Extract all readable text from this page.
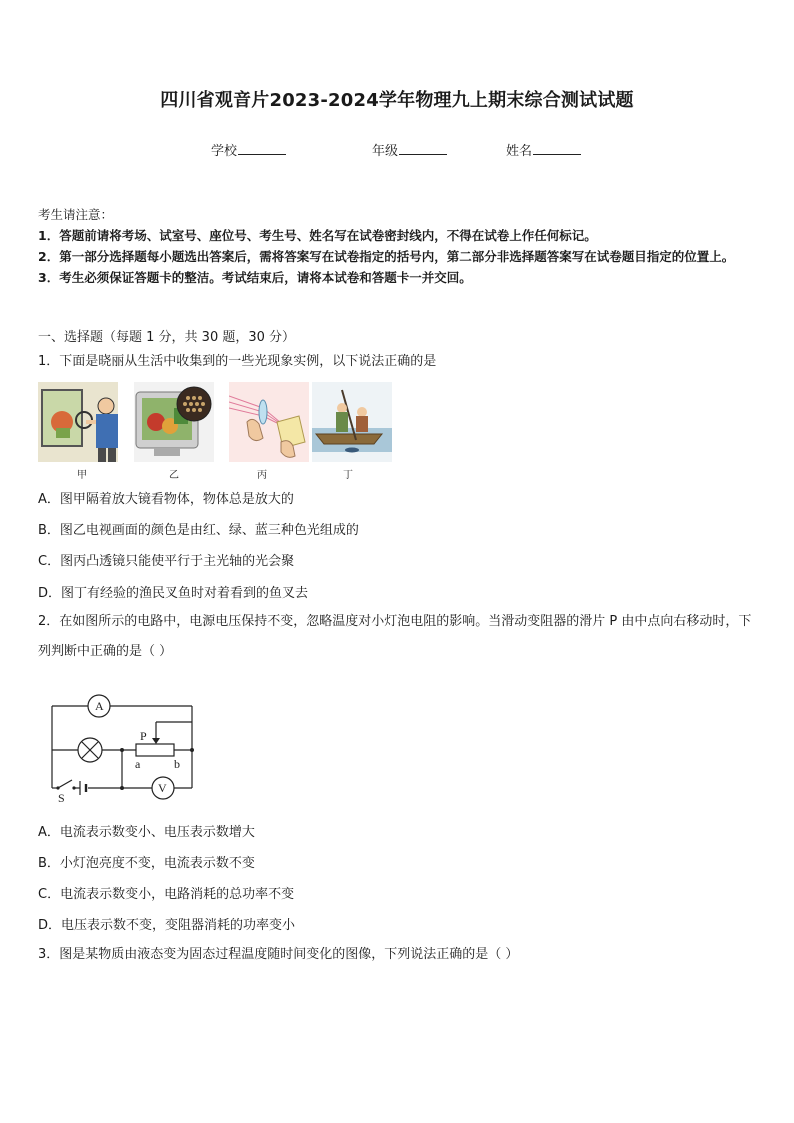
四川省观音片2023-2024学年物理九上期末综合测试试题
学校	年级	姓名

考生请注意：

1．答题前请将考场、试室号、座位号、考生号、姓名写在试卷密封线内，不得在试卷上作任何标记。

2．第一部分选择题每小题选出答案后，需将答案写在试卷指定的括号内，第二部分非选择题答案写在试卷题目指定的位置上。

3．考生必须保证答题卡的整洁。考试结束后，请将本试卷和答题卡一并交回。

一、选择题（每题 1 分，共 30 题，30 分）
1．下面是晓丽从生活中收集到的一些光现象实例，以下说法正确的是
甲	乙	丙	丁
A．图甲隔着放大镜看物体，物体总是放大的
B．图乙电视画面的颜色是由红、绿、蓝三种色光组成的
C．图丙凸透镜只能使平行于主光轴的光会聚
D．图丁有经验的渔民叉鱼时对着看到的鱼叉去
2．在如图所示的电路中，电源电压保持不变，忽略温度对小灯泡电阻的影响。当滑动变阻器的滑片 P 由中点向右移动时，下列判断中正确的是（ ）
A
V
P
a	b
S
A．电流表示数变小、电压表示数增大
B．小灯泡亮度不变，电流表示数不变
C．电流表示数变小，电路消耗的总功率不变
D．电压表示数不变，变阻器消耗的功率变小
3．图是某物质由液态变为固态过程温度随时间变化的图像，下列说法正确的是（ ）
